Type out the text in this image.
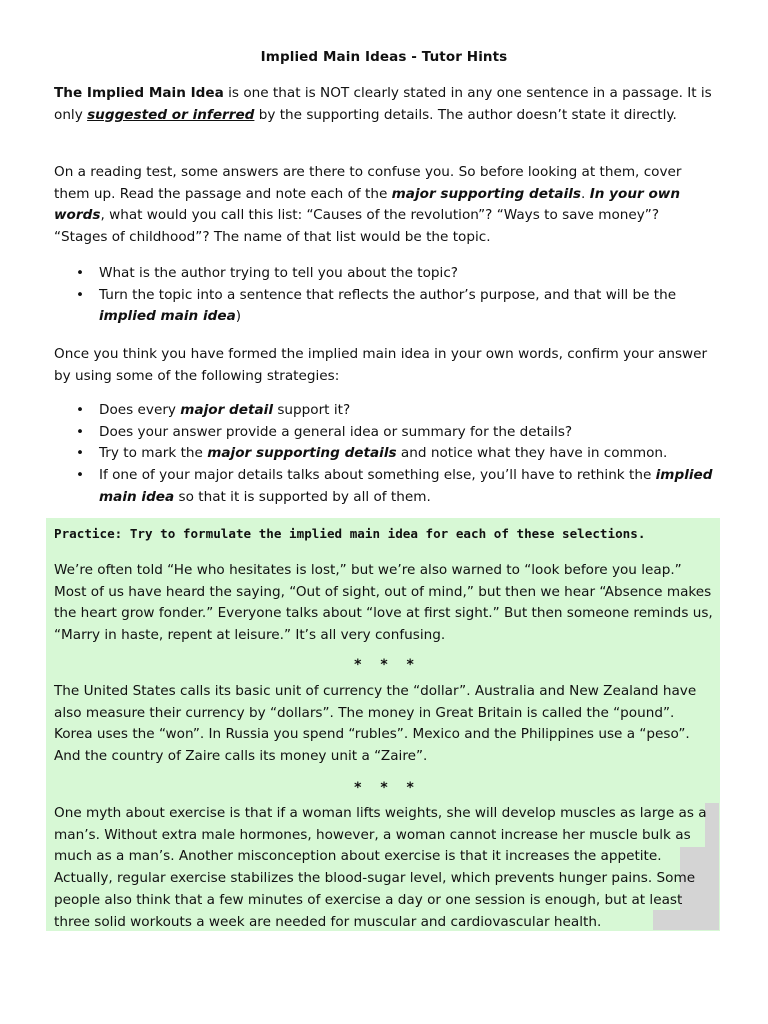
Implied Main Ideas - Tutor Hints

The Implied Main Idea is one that is NOT clearly stated in any one sentence in a passage. It is only suggested or inferred by the supporting details. The author doesn’t state it directly.

On a reading test, some answers are there to confuse you. So before looking at them, cover them up. Read the passage and note each of the major supporting details. In your own words, what would you call this list: “Causes of the revolution”? “Ways to save money”? “Stages of childhood”? The name of that list would be the topic.

• What is the author trying to tell you about the topic?
• Turn the topic into a sentence that reflects the author’s purpose, and that will be the implied main idea)

Once you think you have formed the implied main idea in your own words, confirm your answer by using some of the following strategies:

• Does every major detail support it?
• Does your answer provide a general idea or summary for the details?
• Try to mark the major supporting details and notice what they have in common.
• If one of your major details talks about something else, you’ll have to rethink the implied main idea so that it is supported by all of them.
Practice: Try to formulate the implied main idea for each of these selections.

We’re often told “He who hesitates is lost,” but we’re also warned to “look before you leap.” Most of us have heard the saying, “Out of sight, out of mind,” but then we hear “Absence makes the heart grow fonder.” Everyone talks about “love at first sight.” But then someone reminds us, “Marry in haste, repent at leisure.” It’s all very confusing.

* * *

The United States calls its basic unit of currency the “dollar”. Australia and New Zealand have also measure their currency by “dollars”. The money in Great Britain is called the “pound”. Korea uses the “won”. In Russia you spend “rubles”. Mexico and the Philippines use a “peso”. And the country of Zaire calls its money unit a “Zaire”.

* * *

One myth about exercise is that if a woman lifts weights, she will develop muscles as large as a man’s. Without extra male hormones, however, a woman cannot increase her muscle bulk as much as a man’s. Another misconception about exercise is that it increases the appetite. Actually, regular exercise stabilizes the blood-sugar level, which prevents hunger pains. Some people also think that a few minutes of exercise a day or one session is enough, but at least three solid workouts a week are needed for muscular and cardiovascular health.
